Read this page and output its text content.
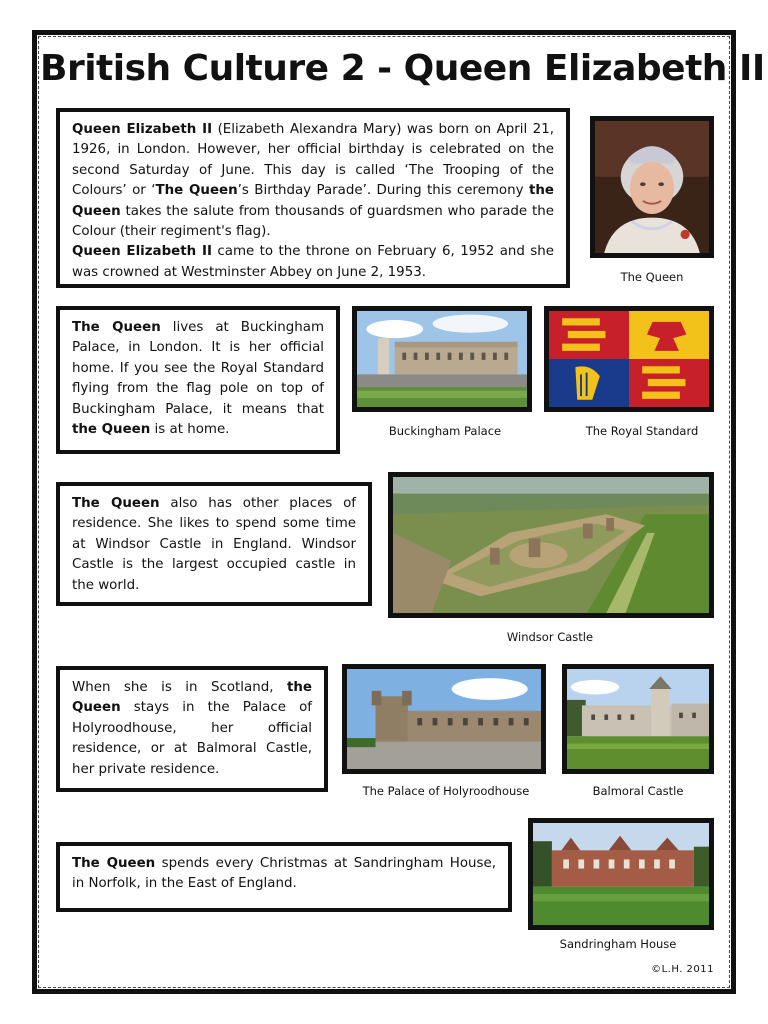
British Culture 2 - Queen Elizabeth II
Queen Elizabeth II (Elizabeth Alexandra Mary) was born on April 21, 1926, in London. However, her official birthday is celebrated on the second Saturday of June. This day is called ‘The Trooping of the Colours’ or ‘The Queen’s Birthday Parade’. During this ceremony the Queen takes the salute from thousands of guardsmen who parade the Colour (their regiment's flag).
Queen Elizabeth II came to the throne on February 6, 1952 and she was crowned at Westminster Abbey on June 2, 1953.	The Queen
The Queen lives at Buckingham Palace, in London. It is her official home. If you see the Royal Standard flying from the flag pole on top of Buckingham Palace, it means that the Queen is at home.	Buckingham Palace	The Royal Standard
The Queen also has other places of residence. She likes to spend some time at Windsor Castle in England. Windsor Castle is the largest occupied castle in the world.
Windsor Castle
When she is in Scotland, the Queen stays in the Palace of Holyroodhouse, her official residence, or at Balmoral Castle, her private residence.
The Palace of Holyroodhouse	Balmoral Castle
The Queen spends every Christmas at Sandringham House, in Norfolk, in the East of England.
Sandringham House
©L.H. 2011
